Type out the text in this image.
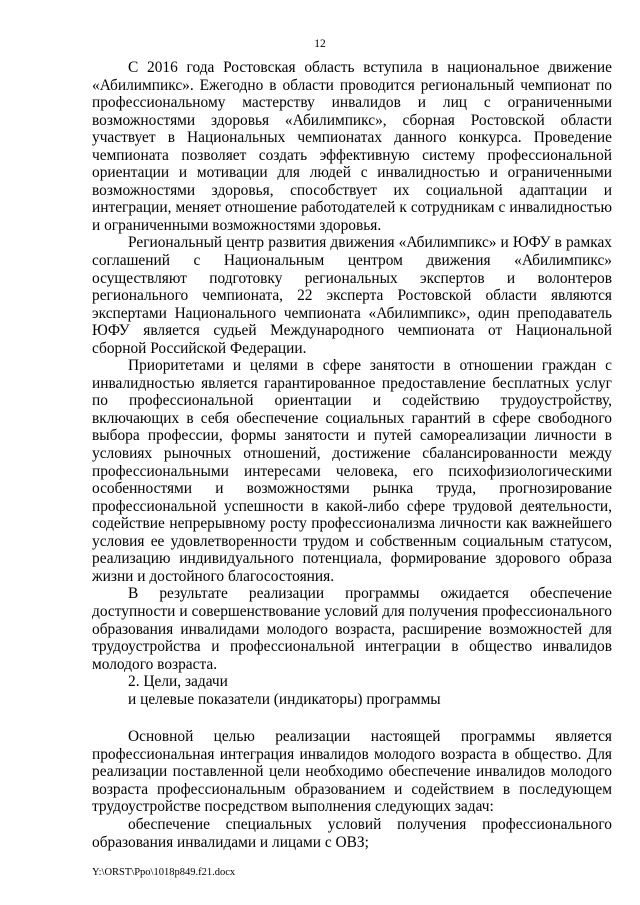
12

С 2016 года Ростовская область вступила в национальное движение «Абилимпикс». Ежегодно в области проводится региональный чемпионат по профессиональному мастерству инвалидов и лиц с ограниченными возможностями здоровья «Абилимпикс», сборная Ростовской области участвует в Национальных чемпионатах данного конкурса. Проведение чемпионата позволяет создать эффективную систему профессиональной ориентации и мотивации для людей с инвалидностью и ограниченными возможностями здоровья, способствует их социальной адаптации и интеграции, меняет отношение работодателей к сотрудникам с инвалидностью и ограниченными возможностями здоровья.

Региональный центр развития движения «Абилимпикс» и ЮФУ в рамках соглашений с Национальным центром движения «Абилимпикс» осуществляют подготовку региональных экспертов и волонтеров регионального чемпионата, 22 эксперта Ростовской области являются экспертами Национального чемпионата «Абилимпикс», один преподаватель ЮФУ является судьей Международного чемпионата от Национальной сборной Российской Федерации.

Приоритетами и целями в сфере занятости в отношении граждан с инвалидностью является гарантированное предоставление бесплатных услуг по профессиональной ориентации и содействию трудоустройству, включающих в себя обеспечение социальных гарантий в сфере свободного выбора профессии, формы занятости и путей самореализации личности в условиях рыночных отношений, достижение сбалансированности между профессиональными интересами человека, его психофизиологическими особенностями и возможностями рынка труда, прогнозирование профессиональной успешности в какой-либо сфере трудовой деятельности, содействие непрерывному росту профессионализма личности как важнейшего условия ее удовлетворенности трудом и собственным социальным статусом, реализацию индивидуального потенциала, формирование здорового образа жизни и достойного благосостояния.

В результате реализации программы ожидается обеспечение доступности и совершенствование условий для получения профессионального образования инвалидами молодого возраста, расширение возможностей для трудоустройства и профессиональной интеграции в общество инвалидов молодого возраста.

2. Цели, задачи

и целевые показатели (индикаторы) программы

Основной целью реализации настоящей программы является профессиональная интеграция инвалидов молодого возраста в общество. Для реализации поставленной цели необходимо обеспечение инвалидов молодого возраста профессиональным образованием и содействием в последующем трудоустройстве посредством выполнения следующих задач:

обеспечение специальных условий получения профессионального образования инвалидами и лицами с ОВЗ;

Y:\ORST\Ppo\1018p849.f21.docx
